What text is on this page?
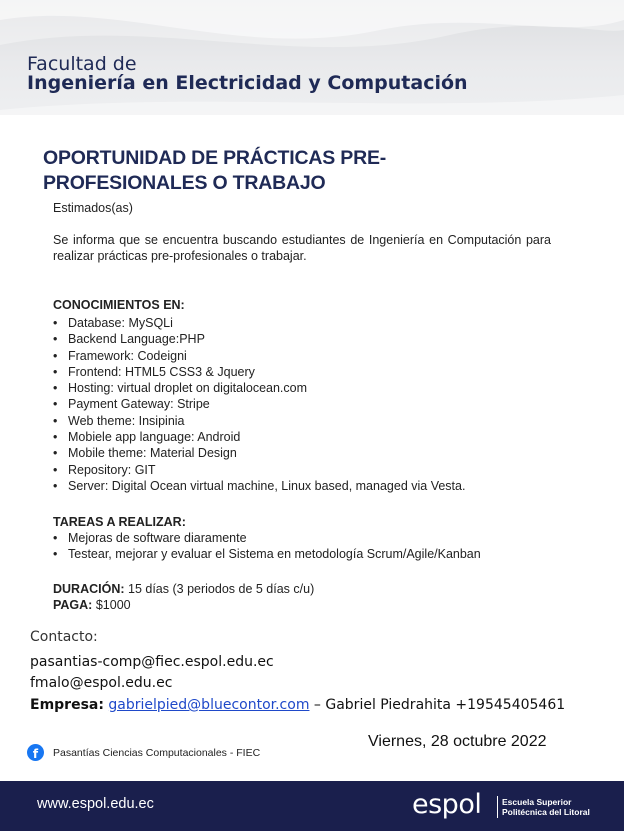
Facultad de
Ingeniería en Electricidad y Computación
OPORTUNIDAD DE PRÁCTICAS PRE-
PROFESIONALES O TRABAJO
Estimados(as)
Se informa que se encuentra buscando estudiantes de Ingeniería en Computación para realizar prácticas pre-profesionales o trabajar.
CONOCIMIENTOS EN:
• Database: MySQLi
• Backend Language:PHP
• Framework: Codeigni
• Frontend: HTML5 CSS3 & Jquery
• Hosting: virtual droplet on digitalocean.com
• Payment Gateway: Stripe
• Web theme: Insipinia
• Mobiele app language: Android
• Mobile theme: Material Design
• Repository: GIT
• Server: Digital Ocean virtual machine, Linux based, managed via Vesta.
TAREAS A REALIZAR:
• Mejoras de software diaramente
• Testear, mejorar y evaluar el Sistema en metodología Scrum/Agile/Kanban
DURACIÓN: 15 días (3 periodos de 5 días c/u)
PAGA: $1000
Contacto:
pasantias-comp@fiec.espol.edu.ec
fmalo@espol.edu.ec
Empresa: gabrielpied@bluecontor.com – Gabriel Piedrahita +19545405461
f	Pasantías Ciencias Computacionales - FIEC
Viernes, 28 octubre 2022
www.espol.edu.ec	espol Escuela Superior
Politécnica del Litoral
